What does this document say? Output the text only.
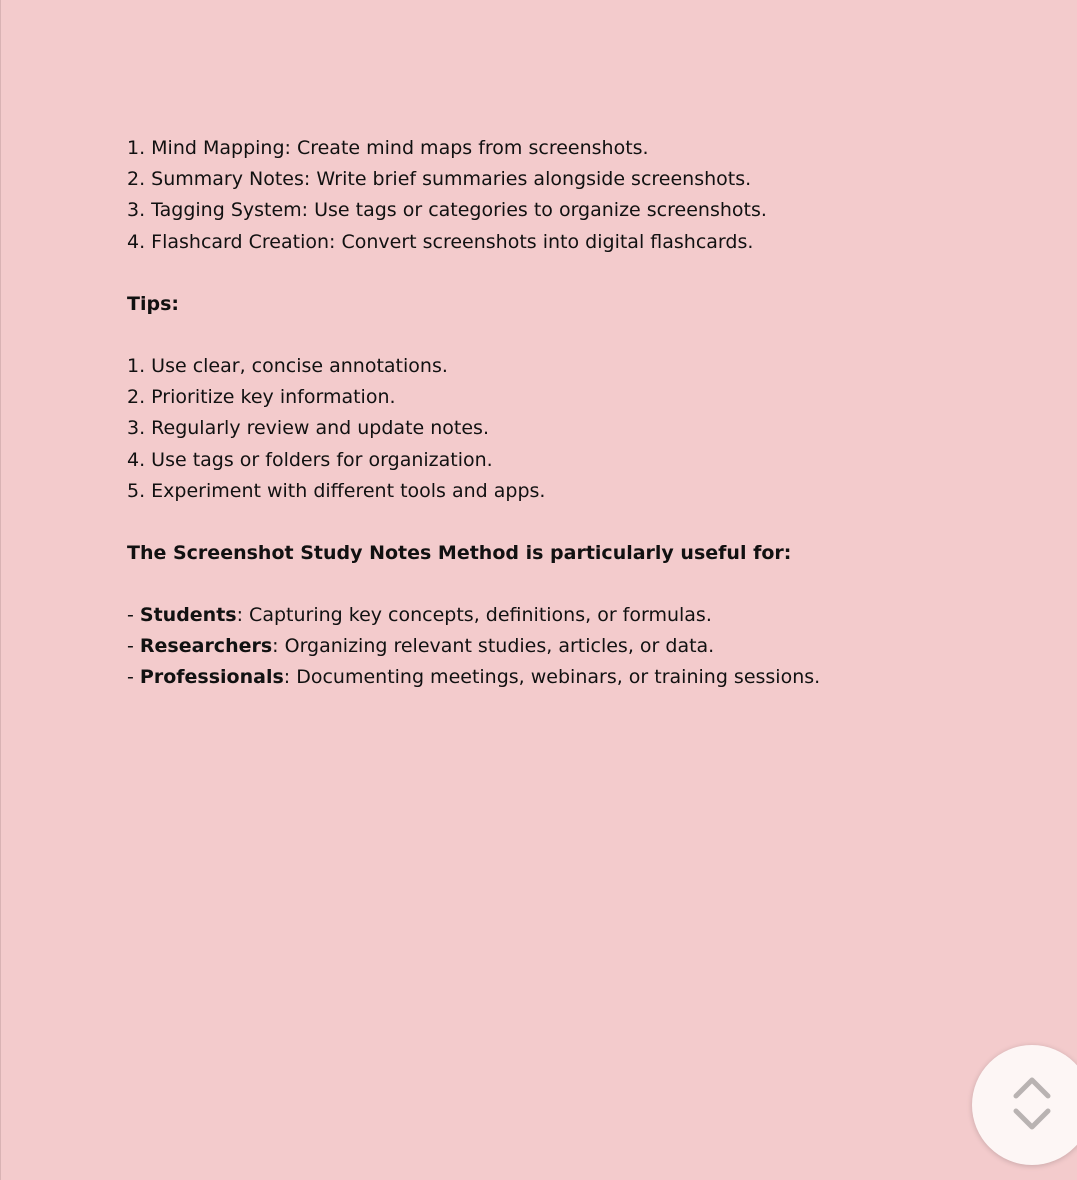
1. Mind Mapping: Create mind maps from screenshots.
2. Summary Notes: Write brief summaries alongside screenshots.
3. Tagging System: Use tags or categories to organize screenshots.
4. Flashcard Creation: Convert screenshots into digital flashcards.
Tips:
1. Use clear, concise annotations.
2. Prioritize key information.
3. Regularly review and update notes.
4. Use tags or folders for organization.
5. Experiment with different tools and apps.
The Screenshot Study Notes Method is particularly useful for:
- Students: Capturing key concepts, definitions, or formulas.
- Researchers: Organizing relevant studies, articles, or data.
- Professionals: Documenting meetings, webinars, or training sessions.
